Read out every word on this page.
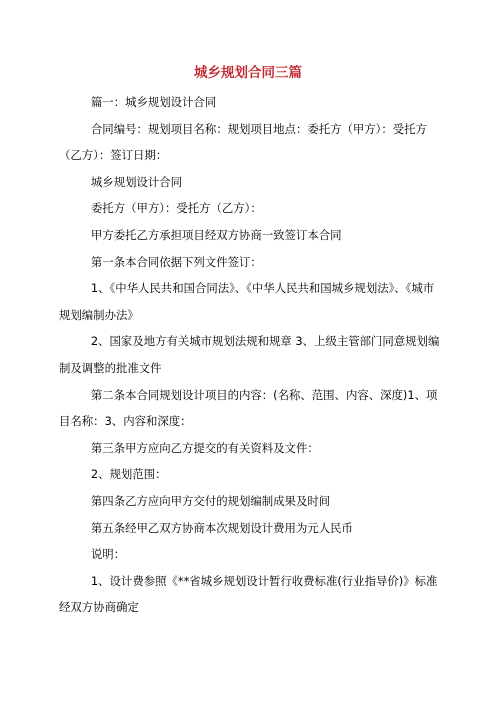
城乡规划合同三篇

篇一：城乡规划设计合同

合同编号：规划项目名称：规划项目地点：委托方（甲方）：受托方（乙方）：签订日期：

城乡规划设计合同

委托方（甲方）：受托方（乙方）：

甲方委托乙方承担项目经双方协商一致签订本合同

第一条本合同依据下列文件签订：

1、《中华人民共和国合同法》、《中华人民共和国城乡规划法》、《城市规划编制办法》

2、国家及地方有关城市规划法规和规章 3、上级主管部门同意规划编制及调整的批准文件

第二条本合同规划设计项目的内容：(名称、范围、内容、深度)1、项目名称：3、内容和深度：

第三条甲方应向乙方提交的有关资料及文件：

2、规划范围：

第四条乙方应向甲方交付的规划编制成果及时间

第五条经甲乙双方协商本次规划设计费用为元人民币

说明：

1、设计费参照《**省城乡规划设计暂行收费标准(行业指导价)》标准经双方协商确定
